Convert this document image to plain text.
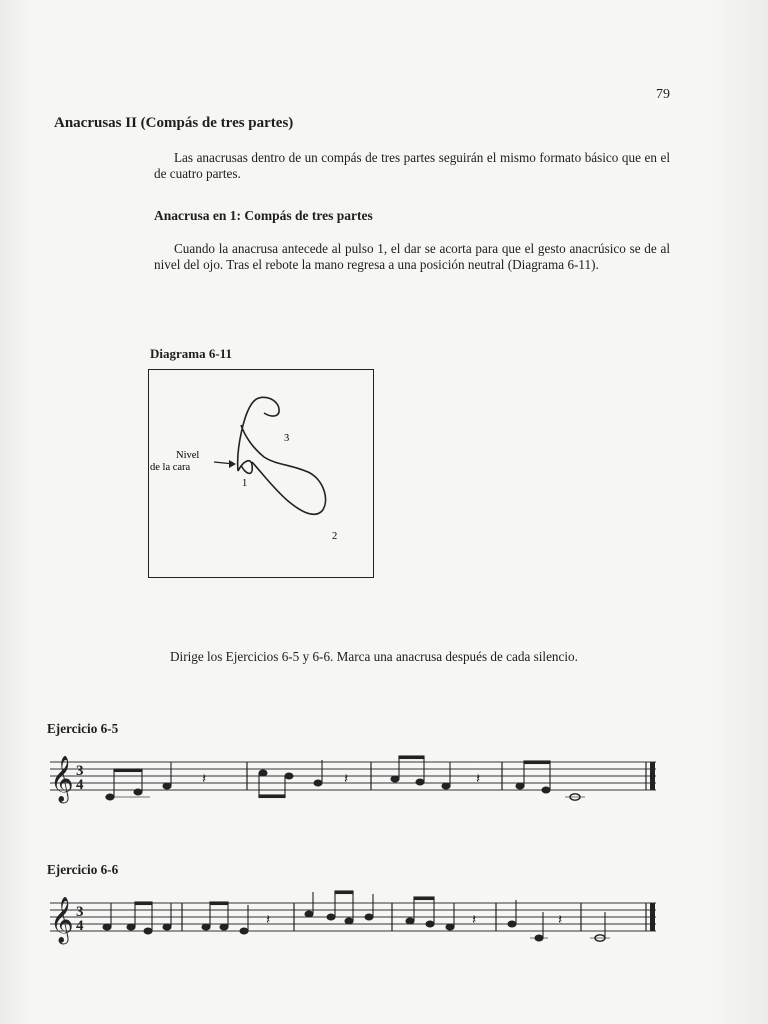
79
Anacrusas II (Compás de tres partes)
Las anacrusas dentro de un compás de tres partes seguirán el mismo formato básico que en el de cuatro partes.
Anacrusa en 1: Compás de tres partes
Cuando la anacrusa antecede al pulso 1, el dar se acorta para que el gesto anacrúsico se de al nivel del ojo. Tras el rebote la mano regresa a una posición neutral (Diagrama 6-11).
Diagrama 6-11
Nivel
de la cara
1
2
3
Dirige los Ejercicios 6-5 y 6-6. Marca una anacrusa después de cada silencio.
Ejercicio 6-5
𝄞 3
4	𝄽	𝄽	𝄽
Ejercicio 6-6
𝄞 3
4	𝄽	𝄽	𝄽
